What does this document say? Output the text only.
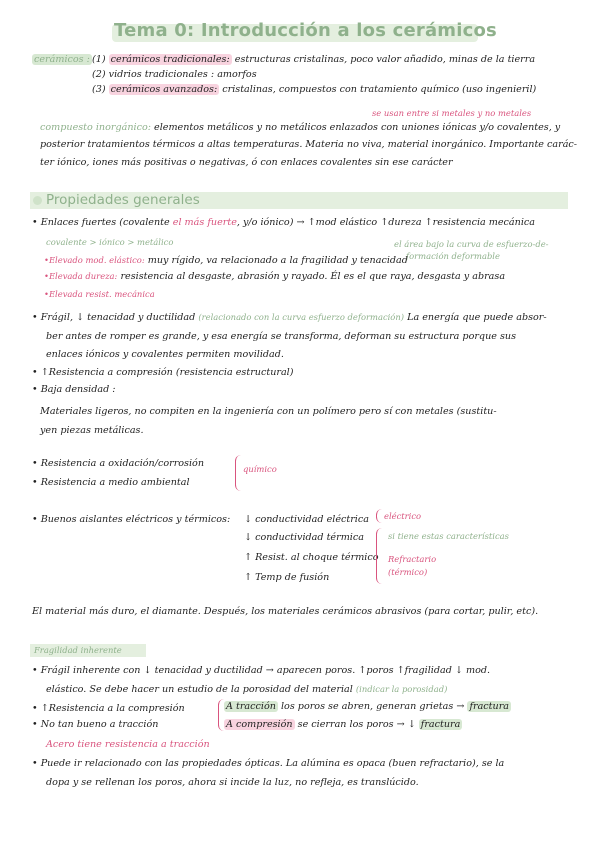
Tema 0: Introducción a los cerámicos
cerámicos : (1) cerámicos tradicionales: estructuras cristalinas, poco valor añadido, minas de la tierra
(2) vidrios tradicionales : amorfos
(3) cerámicos avanzados: cristalinas, compuestos con tratamiento químico (uso ingenieril)
se usan entre si metales y no metales
compuesto inorgánico: elementos metálicos y no metálicos enlazados con uniones iónicas y/o covalentes, y
posterior tratamientos térmicos a altas temperaturas. Materia no viva, material inorgánico. Importante carác-
ter iónico, iones más positivas o negativas, ó con enlaces covalentes sin ese carácter
Propiedades generales
• Enlaces fuertes (covalente el más fuerte, y/o iónico) → ↑mod elástico ↑dureza ↑resistencia mecánica
covalente > iónico > metálico	el área bajo la curva de esfuerzo-de-
formación deformable
•Elevado mod. elástico: muy rígido, va relacionado a la fragilidad y tenacidad
•Elevada dureza: resistencia al desgaste, abrasión y rayado. Él es el que raya, desgasta y abrasa
•Elevada resist. mecánica
• Frágil, ↓ tenacidad y ductilidad (relacionado con la curva esfuerzo deformación) La energía que puede absor-
ber antes de romper es grande, y esa energía se transforma, deforman su estructura porque sus
enlaces iónicos y covalentes permiten movilidad.
• ↑Resistencia a compresión (resistencia estructural)
• Baja densidad :
Materiales ligeros, no compiten en la ingeniería con un polímero pero sí con metales (sustitu-
yen piezas metálicas.
• Resistencia a oxidación/corrosión
• Resistencia a medio ambiental
químico
• Buenos aislantes eléctricos y térmicos: ↓ conductividad eléctrica
↓ conductividad térmica
↑ Resist. al choque térmico
↑ Temp de fusión
eléctrico
si tiene estas características
Refractario
(térmico)
El material más duro, el diamante. Después, los materiales cerámicos abrasivos (para cortar, pulir, etc).
Fragilidad inherente
• Frágil inherente con ↓ tenacidad y ductilidad → aparecen poros. ↑poros ↑fragilidad ↓ mod.
elástico. Se debe hacer un estudio de la porosidad del material (indicar la porosidad)
• ↑Resistencia a la compresión
• No tan bueno a tracción
A tracción los poros se abren, generan grietas → fractura
A compresión se cierran los poros → ↓ fractura
Acero tiene resistencia a tracción
• Puede ir relacionado con las propiedades ópticas. La alúmina es opaca (buen refractario), se la
dopa y se rellenan los poros, ahora si incide la luz, no refleja, es translúcido.
